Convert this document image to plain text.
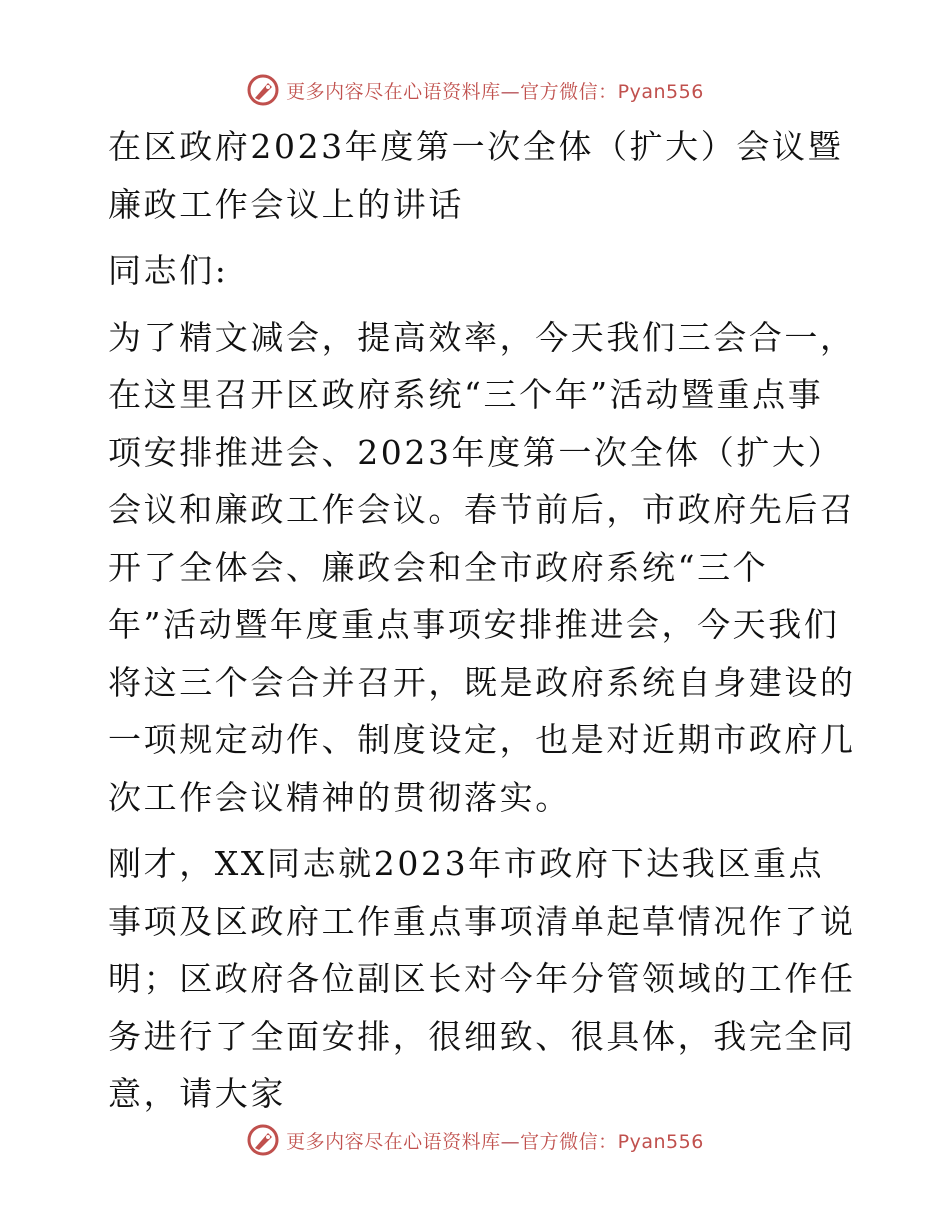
更多内容尽在心语资料库—官方微信：Pyan556

在区政府2023年度第一次全体（扩大）会议暨廉政工作会议上的讲话

同志们:

为了精文减会，提高效率，今天我们三会合一，在这里召开区政府系统“三个年”活动暨重点事项安排推进会、2023年度第一次全体（扩大）会议和廉政工作会议。春节前后，市政府先后召开了全体会、廉政会和全市政府系统“三个年”活动暨年度重点事项安排推进会，今天我们将这三个会合并召开，既是政府系统自身建设的一项规定动作、制度设定，也是对近期市政府几次工作会议精神的贯彻落实。

刚才，XX同志就2023年市政府下达我区重点事项及区政府工作重点事项清单起草情况作了说明；区政府各位副区长对今年分管领域的工作任务进行了全面安排，很细致、很具体，我完全同意，请大家

更多内容尽在心语资料库—官方微信：Pyan556
